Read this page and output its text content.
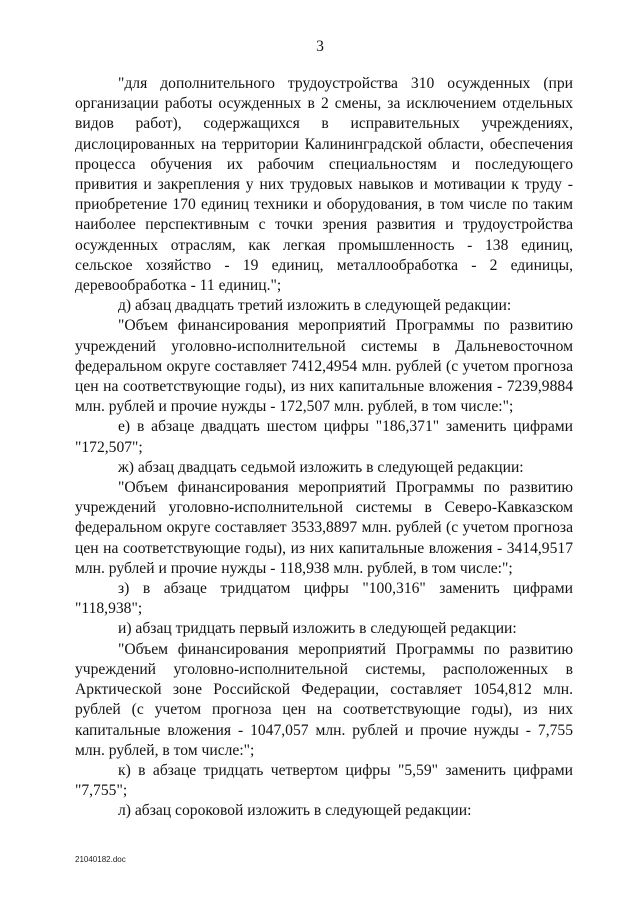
3

"для дополнительного трудоустройства 310 осужденных (при организации работы осужденных в 2 смены, за исключением отдельных видов работ), содержащихся в исправительных учреждениях, дислоцированных на территории Калининградской области, обеспечения процесса обучения их рабочим специальностям и последующего привития и закрепления у них трудовых навыков и мотивации к труду - приобретение 170 единиц техники и оборудования, в том числе по таким наиболее перспективным с точки зрения развития и трудоустройства осужденных отраслям, как легкая промышленность - 138 единиц, сельское хозяйство - 19 единиц, металлообработка - 2 единицы, деревообработка - 11 единиц.";

д) абзац двадцать третий изложить в следующей редакции:

"Объем финансирования мероприятий Программы по развитию учреждений уголовно-исполнительной системы в Дальневосточном федеральном округе составляет 7412,4954 млн. рублей (с учетом прогноза цен на соответствующие годы), из них капитальные вложения - 7239,9884 млн. рублей и прочие нужды - 172,507 млн. рублей, в том числе:";

е) в абзаце двадцать шестом цифры "186,371" заменить цифрами "172,507";

ж) абзац двадцать седьмой изложить в следующей редакции:

"Объем финансирования мероприятий Программы по развитию учреждений уголовно-исполнительной системы в Северо-Кавказском федеральном округе составляет 3533,8897 млн. рублей (с учетом прогноза цен на соответствующие годы), из них капитальные вложения - 3414,9517 млн. рублей и прочие нужды - 118,938 млн. рублей, в том числе:";

з) в абзаце тридцатом цифры "100,316" заменить цифрами "118,938";

и) абзац тридцать первый изложить в следующей редакции:

"Объем финансирования мероприятий Программы по развитию учреждений уголовно-исполнительной системы, расположенных в Арктической зоне Российской Федерации, составляет 1054,812 млн. рублей (с учетом прогноза цен на соответствующие годы), из них капитальные вложения - 1047,057 млн. рублей и прочие нужды - 7,755 млн. рублей, в том числе:";

к) в абзаце тридцать четвертом цифры "5,59" заменить цифрами "7,755";

л) абзац сороковой изложить в следующей редакции:

21040182.doc
